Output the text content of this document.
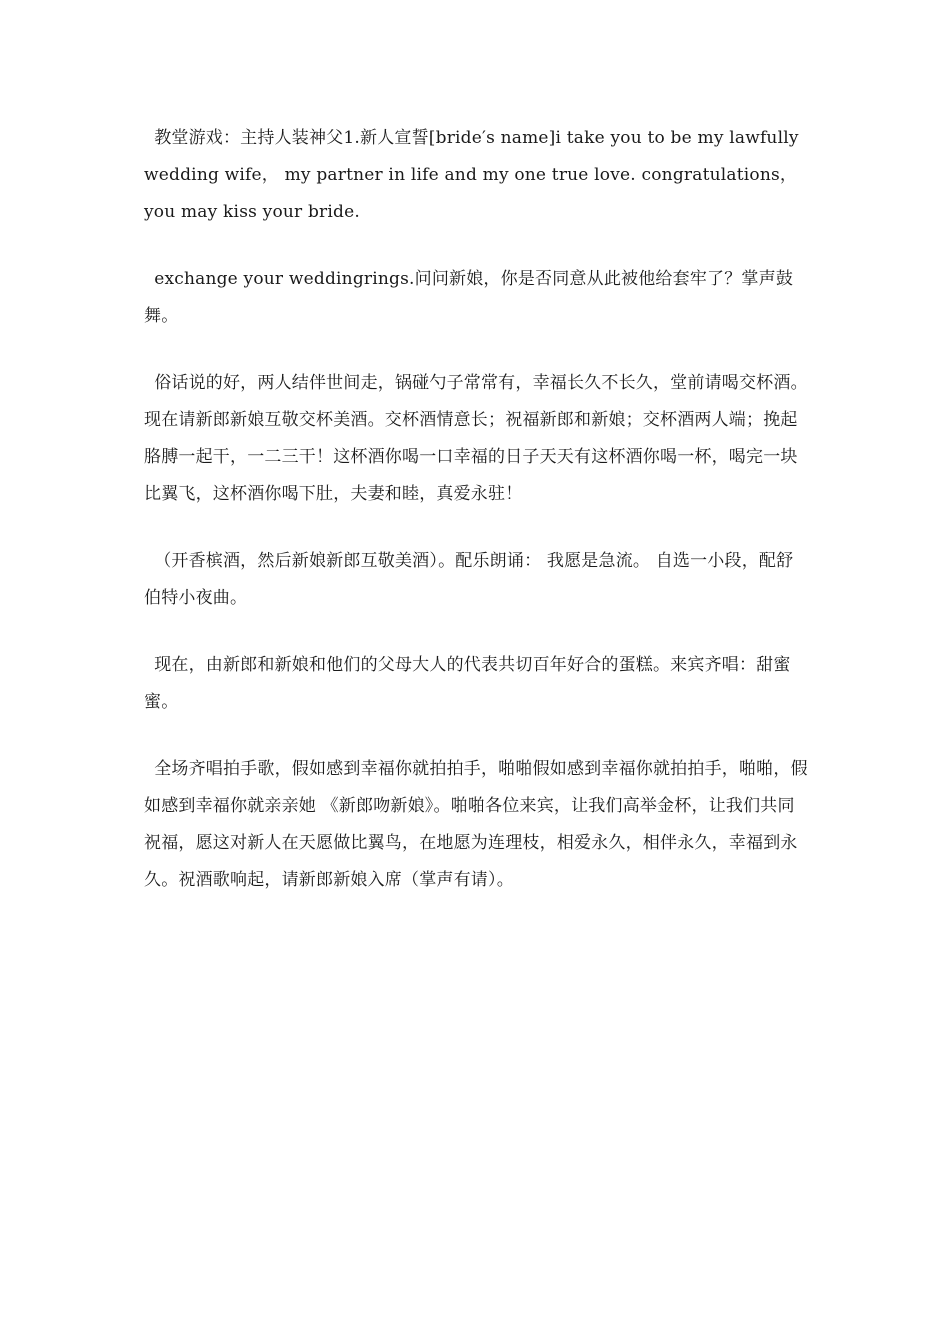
教堂游戏：主持人装神父1.新人宣誓[bride′s name]i take you to be my lawfully wedding wife， my partner in life and my one true love. congratulations， you may kiss your bride.

exchange your weddingrings.问问新娘，你是否同意从此被他给套牢了？掌声鼓舞。

俗话说的好，两人结伴世间走，锅碰勺子常常有，幸福长久不长久，堂前请喝交杯酒。现在请新郎新娘互敬交杯美酒。交杯酒情意长；祝福新郎和新娘；交杯酒两人端；挽起胳膊一起干，一二三干！这杯酒你喝一口幸福的日子天天有这杯酒你喝一杯，喝完一块比翼飞，这杯酒你喝下肚，夫妻和睦，真爱永驻！

（开香槟酒，然后新娘新郎互敬美酒）。配乐朗诵： 我愿是急流。 自选一小段，配舒伯特小夜曲。

现在，由新郎和新娘和他们的父母大人的代表共切百年好合的蛋糕。来宾齐唱：甜蜜蜜。

全场齐唱拍手歌，假如感到幸福你就拍拍手，啪啪假如感到幸福你就拍拍手，啪啪，假如感到幸福你就亲亲她 《新郎吻新娘》。啪啪各位来宾，让我们高举金杯，让我们共同祝福，愿这对新人在天愿做比翼鸟，在地愿为连理枝，相爱永久，相伴永久，幸福到永久。祝酒歌响起，请新郎新娘入席（掌声有请）。
